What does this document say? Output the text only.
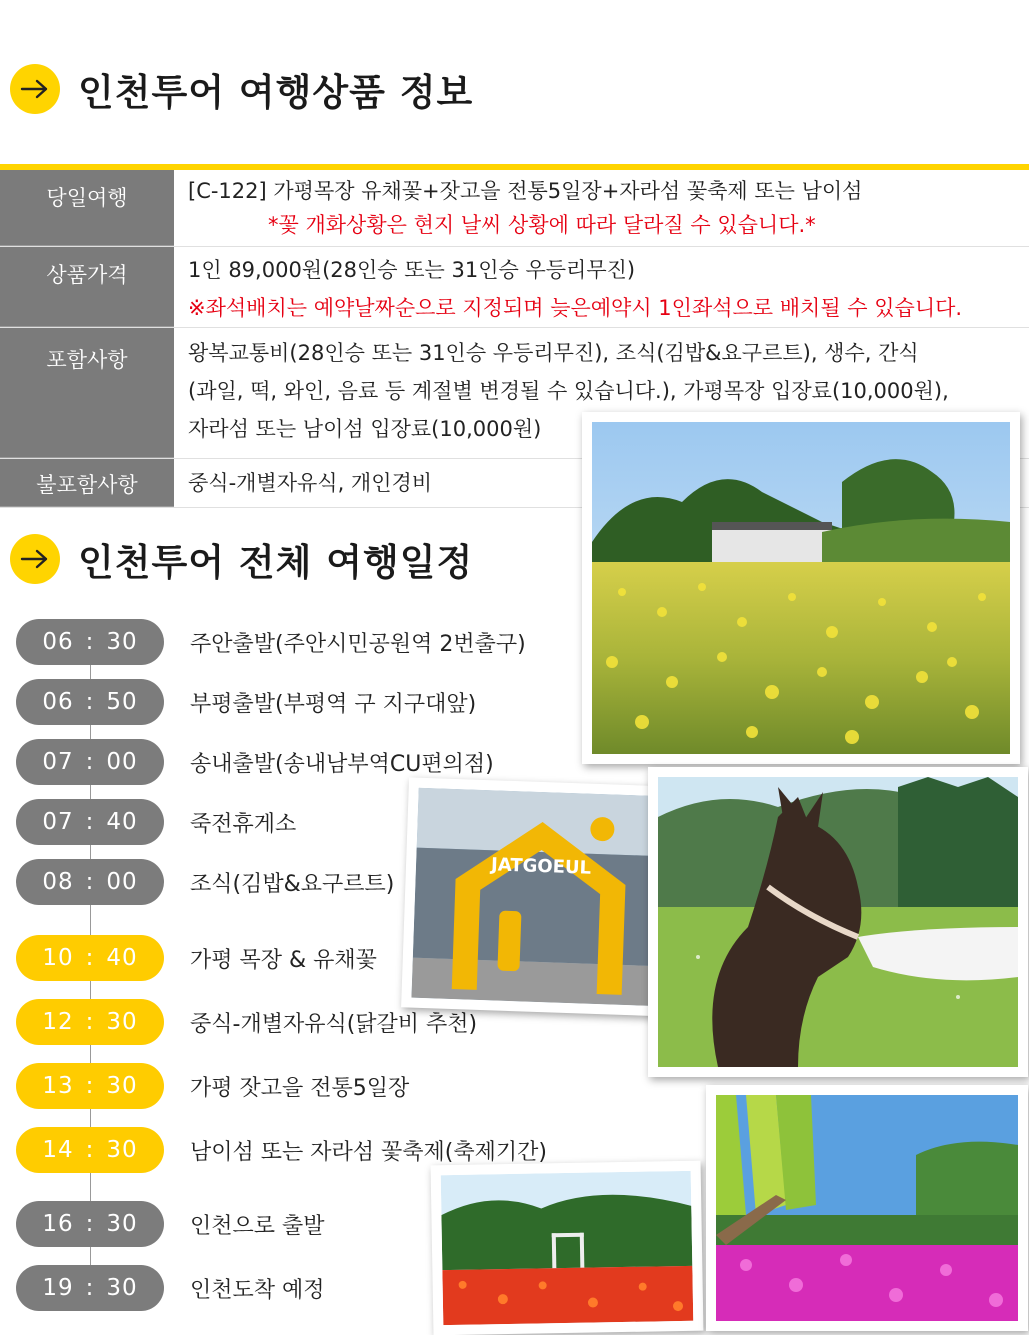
인천투어 여행상품 정보
당일여행	[C-122] 가평목장 유채꽃+잣고을 전통5일장+자라섬 꽃축제 또는 남이섬
*꽃 개화상황은 현지 날씨 상황에 따라 달라질 수 있습니다.*
상품가격	1인 89,000원(28인승 또는 31인승 우등리무진)
※좌석배치는 예약날짜순으로 지정되며 늦은예약시 1인좌석으로 배치될 수 있습니다.
포함사항	왕복교통비(28인승 또는 31인승 우등리무진), 조식(김밥&요구르트), 생수, 간식
(과일, 떡, 와인, 음료 등 계절별 변경될 수 있습니다.), 가평목장 입장료(10,000원),
자라섬 또는 남이섬 입장료(10,000원)
불포함사항	중식-개별자유식, 개인경비
인천투어 전체 여행일정
06 : 30 주안출발(주안시민공원역 2번출구)
06 : 50 부평출발(부평역 구 지구대앞)
07 : 00 송내출발(송내남부역CU편의점)
07 : 40 죽전휴게소
08 : 00 조식(김밥&요구르트)
10 : 40 가평 목장 & 유채꽃
12 : 30 중식-개별자유식(닭갈비 추천)
13 : 30 가평 잣고을 전통5일장
14 : 30 남이섬 또는 자라섬 꽃축제(축제기간)
16 : 30 인천으로 출발
19 : 30 인천도착 예정
JATGOEUL
